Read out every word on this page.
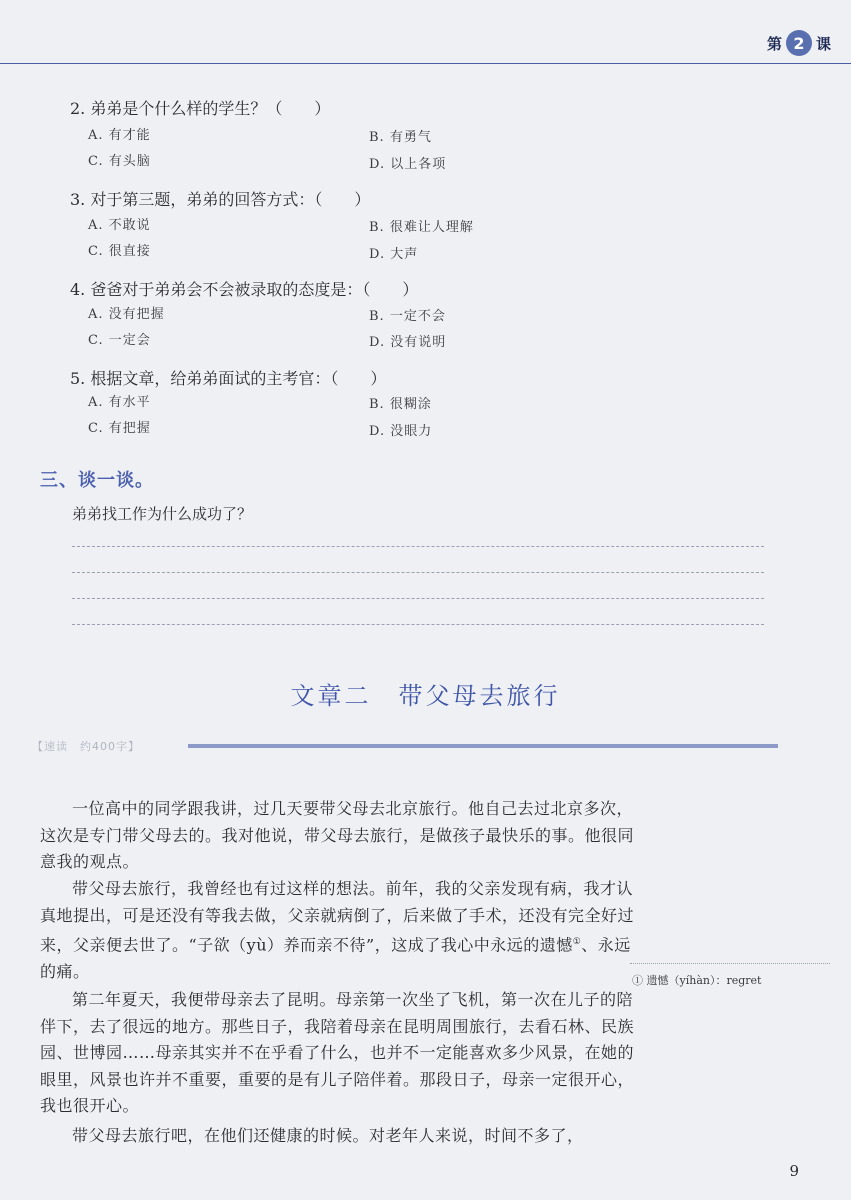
第 2 课
2. 弟弟是个什么样的学生？（　　）
A. 有才能	B. 有勇气
C. 有头脑	D. 以上各项
3. 对于第三题，弟弟的回答方式：（　　）
A. 不敢说	B. 很难让人理解
C. 很直接	D. 大声
4. 爸爸对于弟弟会不会被录取的态度是：（　　）
A. 没有把握	B. 一定不会
C. 一定会	D. 没有说明
5. 根据文章，给弟弟面试的主考官：（　　）
A. 有水平	B. 很糊涂
C. 有把握	D. 没眼力
三、谈一谈。
弟弟找工作为什么成功了？
文章二　带父母去旅行
【速读　约400字】

一位高中的同学跟我讲，过几天要带父母去北京旅行。他自己去过北京多次，这次是专门带父母去的。我对他说，带父母去旅行，是做孩子最快乐的事。他很同意我的观点。

带父母去旅行，我曾经也有过这样的想法。前年，我的父亲发现有病，我才认真地提出，可是还没有等我去做，父亲就病倒了，后来做了手术，还没有完全好过来，父亲便去世了。“子欲（yù）养而亲不待”，这成了我心中永远的遗憾①、永远的痛。

第二年夏天，我便带母亲去了昆明。母亲第一次坐了飞机，第一次在儿子的陪伴下，去了很远的地方。那些日子，我陪着母亲在昆明周围旅行，去看石林、民族园、世博园……母亲其实并不在乎看了什么，也并不一定能喜欢多少风景，在她的眼里，风景也许并不重要，重要的是有儿子陪伴着。那段日子，母亲一定很开心，我也很开心。

带父母去旅行吧，在他们还健康的时候。对老年人来说，时间不多了，

① 遗憾（yíhàn）：regret
9
